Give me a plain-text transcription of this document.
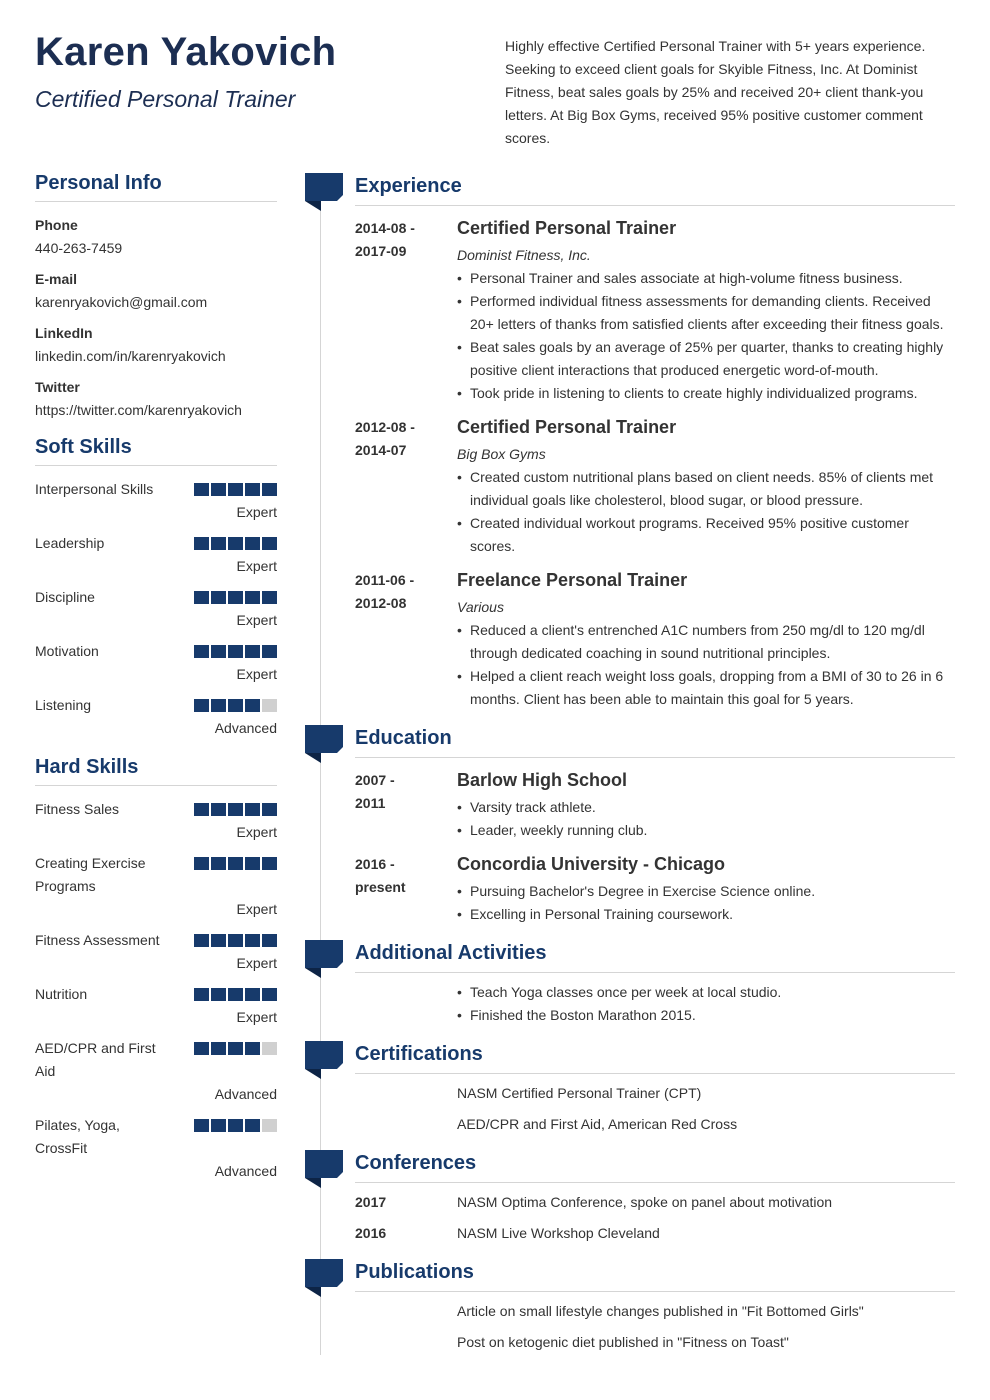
Karen Yakovich
Certified Personal Trainer
Highly effective Certified Personal Trainer with 5+ years experience. Seeking to exceed client goals for Skyible Fitness, Inc. At Dominist Fitness, beat sales goals by 25% and received 20+ client thank-you letters. At Big Box Gyms, received 95% positive customer comment scores.
Personal Info
Phone
440-263-7459
E-mail
karenryakovich@gmail.com
LinkedIn
linkedin.com/in/karenryakovich
Twitter
https://twitter.com/karenryakovich
Soft Skills
Interpersonal Skills
Expert
Leadership
Expert
Discipline
Expert
Motivation
Expert
Listening
Advanced
Hard Skills
Fitness Sales
Expert
Creating Exercise Programs
Expert
Fitness Assessment
Expert
Nutrition
Expert
AED/CPR and First Aid
Advanced
Pilates, Yoga, CrossFit
Advanced
Experience
Education
Additional Activities
Certifications
Conferences
Publications
2014-08 -
2017-09
Certified Personal Trainer
Dominist Fitness, Inc.
• Personal Trainer and sales associate at high-volume fitness business.
• Performed individual fitness assessments for demanding clients. Received 20+ letters of thanks from satisfied clients after exceeding their fitness goals.
• Beat sales goals by an average of 25% per quarter, thanks to creating highly positive client interactions that produced energetic word-of-mouth.
• Took pride in listening to clients to create highly individualized programs.
2012-08 -
2014-07
Certified Personal Trainer
Big Box Gyms
• Created custom nutritional plans based on client needs. 85% of clients met individual goals like cholesterol, blood sugar, or blood pressure.
• Created individual workout programs. Received 95% positive customer scores.
2011-06 -
2012-08
Freelance Personal Trainer
Various
• Reduced a client's entrenched A1C numbers from 250 mg/dl to 120 mg/dl through dedicated coaching in sound nutritional principles.
• Helped a client reach weight loss goals, dropping from a BMI of 30 to 26 in 6 months. Client has been able to maintain this goal for 5 years.
2007 -
2011
Barlow High School
• Varsity track athlete.
• Leader, weekly running club.
2016 -
present
Concordia University - Chicago
• Pursuing Bachelor's Degree in Exercise Science online.
• Excelling in Personal Training coursework.
• Teach Yoga classes once per week at local studio.
• Finished the Boston Marathon 2015.
NASM Certified Personal Trainer (CPT)
AED/CPR and First Aid, American Red Cross
2017	NASM Optima Conference, spoke on panel about motivation
2016	NASM Live Workshop Cleveland
Article on small lifestyle changes published in "Fit Bottomed Girls"
Post on ketogenic diet published in "Fitness on Toast"
